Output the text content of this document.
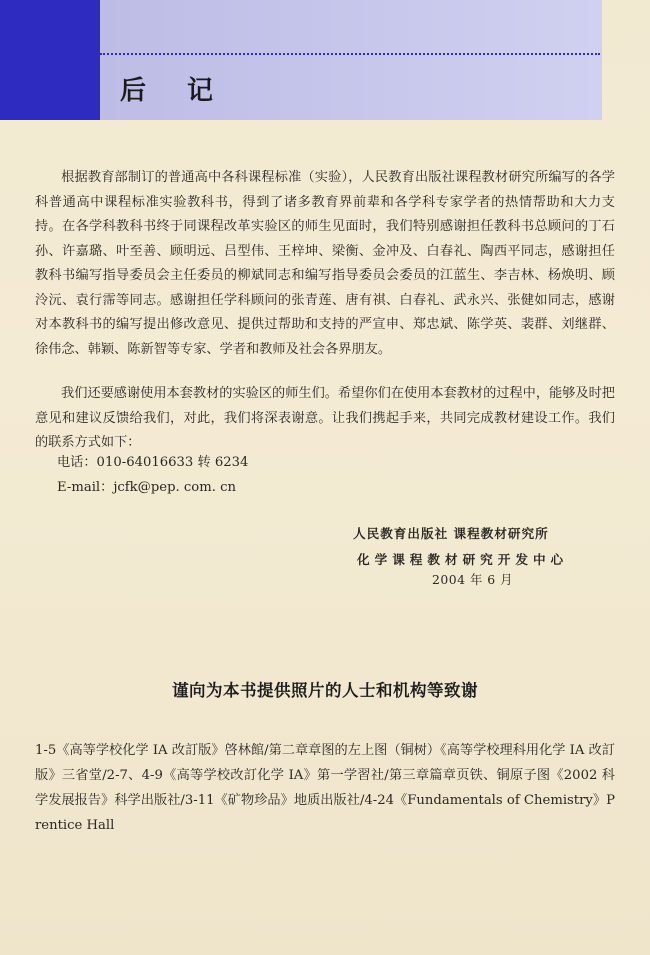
后 记
根据教育部制订的普通高中各科课程标准（实验），人民教育出版社课程教材研究所编写的各学科普通高中课程标准实验教科书，得到了诸多教育界前辈和各学科专家学者的热情帮助和大力支持。在各学科教科书终于同课程改革实验区的师生见面时，我们特别感谢担任教科书总顾问的丁石孙、许嘉璐、叶至善、顾明远、吕型伟、王梓坤、梁衡、金冲及、白春礼、陶西平同志，感谢担任教科书编写指导委员会主任委员的柳斌同志和编写指导委员会委员的江蓝生、李吉林、杨焕明、顾泠沅、袁行霈等同志。感谢担任学科顾问的张青莲、唐有祺、白春礼、武永兴、张健如同志，感谢对本教科书的编写提出修改意见、提供过帮助和支持的严宣申、郑忠斌、陈学英、裴群、刘继群、徐伟念、韩颖、陈新智等专家、学者和教师及社会各界朋友。
我们还要感谢使用本套教材的实验区的师生们。希望你们在使用本套教材的过程中，能够及时把意见和建议反馈给我们，对此，我们将深表谢意。让我们携起手来，共同完成教材建设工作。我们的联系方式如下：
电话：010-64016633 转 6234
E-mail：jcfk@pep. com. cn
人民教育出版社 课程教材研究所
化学课程教材研究开发中心
2004 年 6 月
谨向为本书提供照片的人士和机构等致谢
1-5《高等学校化学 IA 改訂版》啓林館/第二章章图的左上图（铜树）《高等学校理科用化学 IA 改訂版》三省堂/2-7、4-9《高等学校改訂化学 IA》第一学習社/第三章篇章页铁、铜原子图《2002 科学发展报告》科学出版社/3-11《矿物珍品》地质出版社/4-24《Fundamentals of Chemistry》Prentice Hall
